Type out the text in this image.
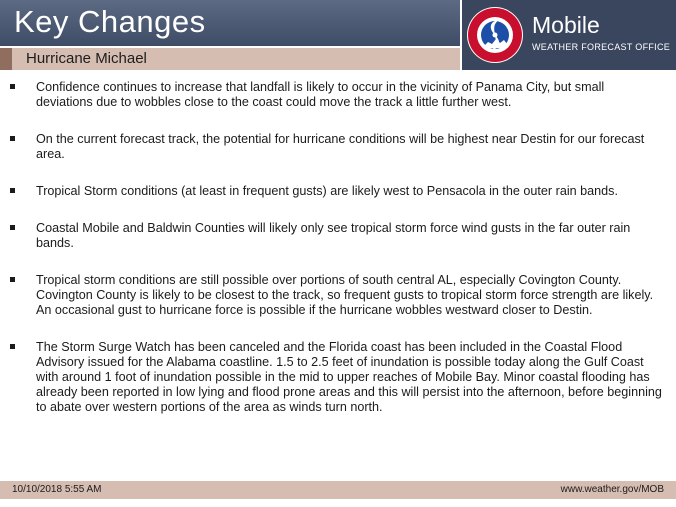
Key Changes
Hurricane Michael
Mobile
WEATHER FORECAST OFFICE
Confidence continues to increase that landfall is likely to occur in the vicinity of Panama City, but small deviations due to wobbles close to the coast could move the track a little further west.
On the current forecast track, the potential for hurricane conditions will be highest near Destin for our forecast area.
Tropical Storm conditions (at least in frequent gusts) are likely west to Pensacola in the outer rain bands.
Coastal Mobile and Baldwin Counties will likely only see tropical storm force wind gusts in the far outer rain bands.
Tropical storm conditions are still possible over portions of south central AL, especially Covington County. Covington County is likely to be closest to the track, so frequent gusts to tropical storm force strength are likely. An occasional gust to hurricane force is possible if the hurricane wobbles westward closer to Destin.
The Storm Surge Watch has been canceled and the Florida coast has been included in the Coastal Flood Advisory issued for the Alabama coastline. 1.5 to 2.5 feet of inundation is possible today along the Gulf Coast with around 1 foot of inundation possible in the mid to upper reaches of Mobile Bay. Minor coastal flooding has already been reported in low lying and flood prone areas and this will persist into the afternoon, before beginning to abate over western portions of the area as winds turn north.
10/10/2018 5:55 AM	www.weather.gov/MOB
